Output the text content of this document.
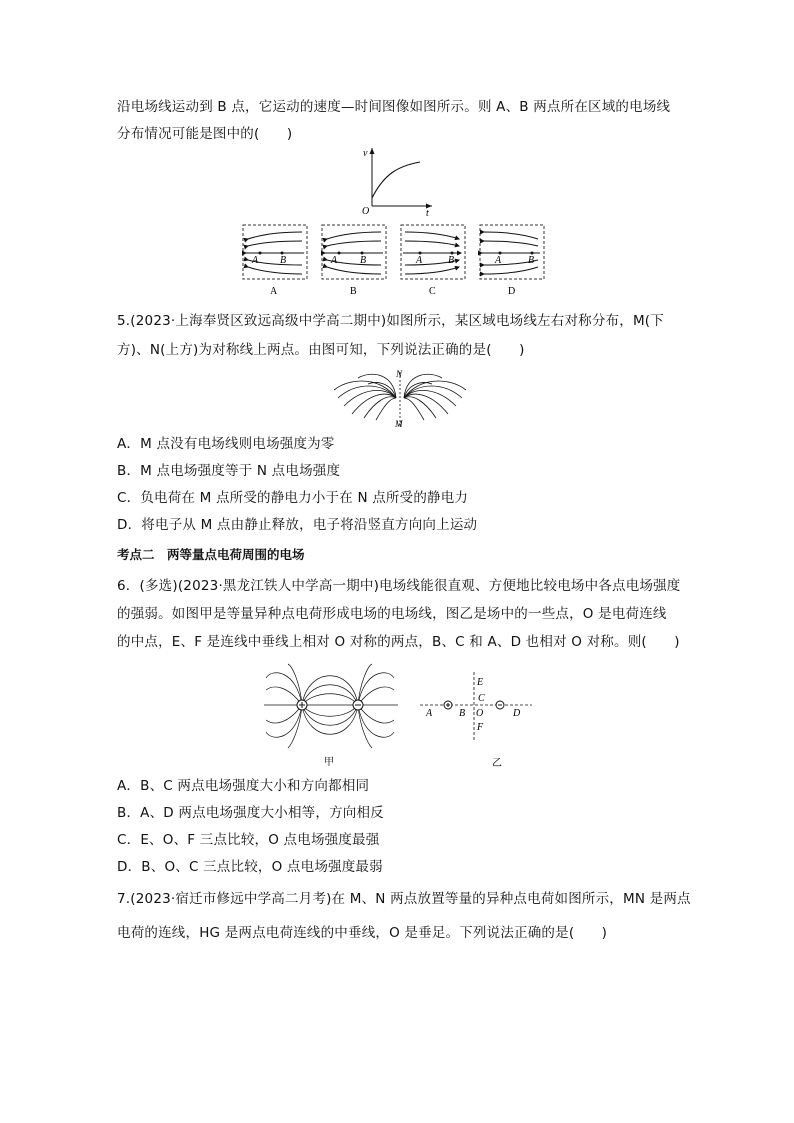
沿电场线运动到 B 点，它运动的速度—时间图像如图所示。则 A、B 两点所在区域的电场线
分布情况可能是图中的(　　)
v
O	t
A B
A
A B
B
A	B
C
A	B
D
5.(2023·上海奉贤区致远高级中学高二期中)如图所示，某区域电场线左右对称分布，M(下
方)、N(上方)为对称线上两点。由图可知，下列说法正确的是(　　)
N
M
A．M 点没有电场线则电场强度为零
B．M 点电场强度等于 N 点电场强度
C．负电荷在 M 点所受的静电力小于在 N 点所受的静电力
D．将电子从 M 点由静止释放，电子将沿竖直方向向上运动
考点二　两等量点电荷周围的电场
6．(多选)(2023·黑龙江铁人中学高一期中)电场线能很直观、方便地比较电场中各点电场强度
的强弱。如图甲是等量异种点电荷形成电场的电场线，图乙是场中的一些点，O 是电荷连线
的中点，E、F 是连线中垂线上相对 O 对称的两点，B、C 和 A、D 也相对 O 对称。则(　　)
甲
A	B
C
D
E
F
O
乙
A．B、C 两点电场强度大小和方向都相同
B．A、D 两点电场强度大小相等，方向相反
C．E、O、F 三点比较，O 点电场强度最强
D．B、O、C 三点比较，O 点电场强度最弱
7.(2023·宿迁市修远中学高二月考)在 M、N 两点放置等量的异种点电荷如图所示，MN 是两点
电荷的连线，HG 是两点电荷连线的中垂线，O 是垂足。下列说法正确的是(　　)
